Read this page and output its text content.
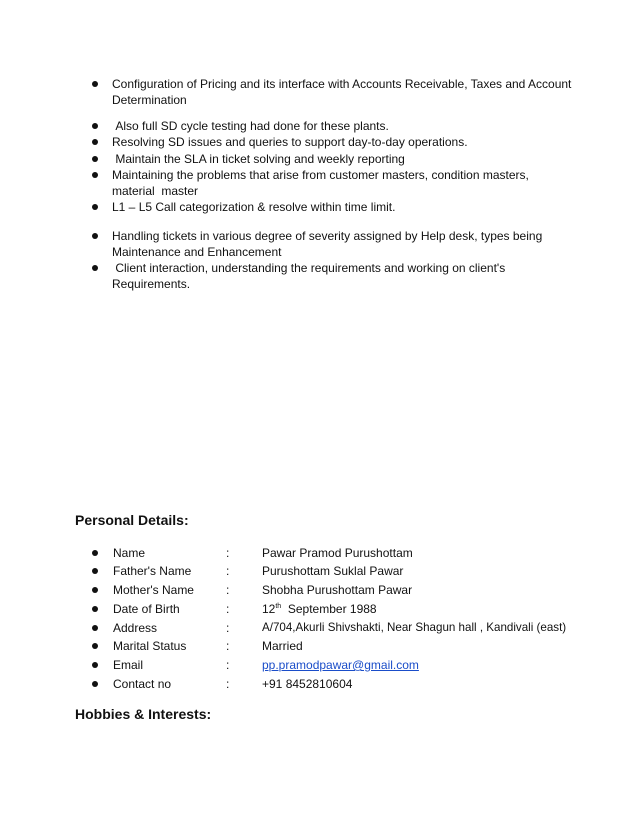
Configuration of Pricing and its interface with Accounts Receivable, Taxes and Account Determination
Also full SD cycle testing had done for these plants.
Resolving SD issues and queries to support day-to-day operations.
Maintain the SLA in ticket solving and weekly reporting
Maintaining the problems that arise from customer masters, condition masters, material  master
L1 – L5 Call categorization & resolve within time limit.
Handling tickets in various degree of severity assigned by Help desk, types being Maintenance and Enhancement
Client interaction, understanding the requirements and working on client's Requirements.
Personal Details:
Name	:	Pawar Pramod Purushottam
Father's Name	:	Purushottam Suklal Pawar
Mother's Name	:	Shobha Purushottam Pawar
Date of Birth	:	12th  September 1988
Address	:	A/704,Akurli Shivshakti, Near Shagun hall , Kandivali (east)
Marital Status	:	Married
Email	:	pp.pramodpawar@gmail.com
Contact no	:	+91 8452810604
Hobbies & Interests:
